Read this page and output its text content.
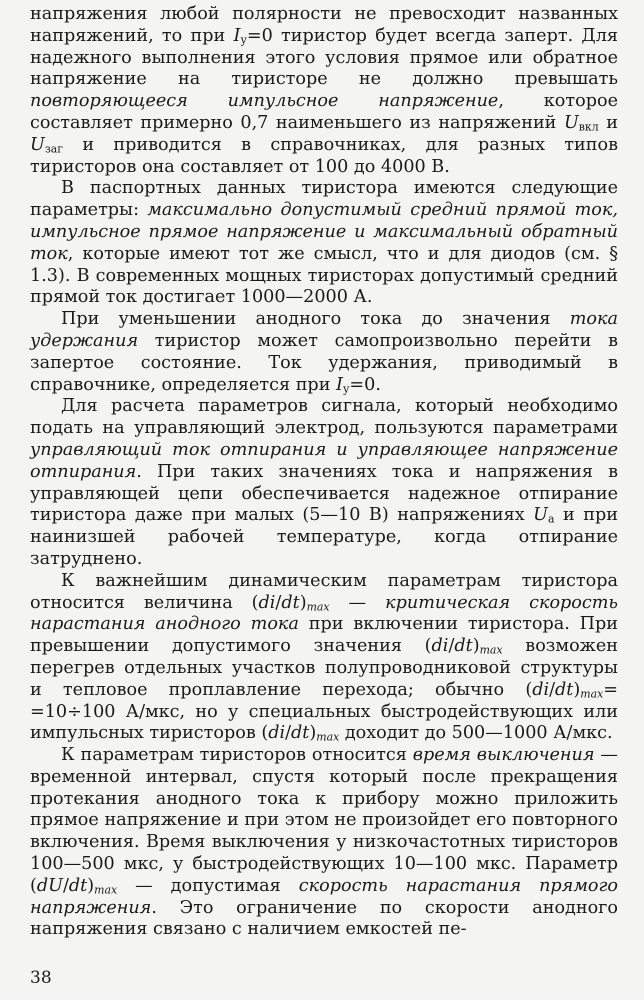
напряжения любой полярности не превосходит названных напряжений, то при $I_у=0$ тиристор будет всегда заперт. Для надежного выполнения этого условия прямое или обратное напряжение на тиристоре не должно превышать повторяющееся импульсное напряжение, которое составляет примерно 0,7 наименьшего из напряжений $U_{вкл}$ и $U_{заг}$ и приводится в справочниках, для разных типов тиристоров она составляет от 100 до 4000 В.

В паспортных данных тиристора имеются следующие параметры: максимально допустимый средний прямой ток, импульсное прямое напряжение и максимальный обратный ток, которые имеют тот же смысл, что и для диодов (см. § 1.3). В современных мощных тиристорах допустимый средний прямой ток достигает 1000—2000 А.

При уменьшении анодного тока до значения тока удержания тиристор может самопроизвольно перейти в запертое состояние. Ток удержания, приводимый в справочнике, определяется при $I_у=0$.

Для расчета параметров сигнала, который необходимо подать на управляющий электрод, пользуются параметрами управляющий ток отпирания и управляющее напряжение отпирания. При таких значениях тока и напряжения в управляющей цепи обеспечивается надежное отпирание тиристора даже при малых (5—10 В) напряжениях $U_а$ и при наинизшей рабочей температуре, когда отпирание затруднено.

К важнейшим динамическим параметрам тиристора относится величина $(di/dt)_{max}$ — критическая скорость нарастания анодного тока при включении тиристора. При превышении допустимого значения $(di/dt)_{max}$ возможен перегрев отдельных участков полупроводниковой структуры и тепловое проплавление перехода; обычно $(di/dt)_{max}= =10\div 100$ А/мкс, но у специальных быстродействующих или импульсных тиристоров $(di/dt)_{max}$ доходит до 500—1000 А/мкс.

К параметрам тиристоров относится время выключения — временной интервал, спустя который после прекращения протекания анодного тока к прибору можно приложить прямое напряжение и при этом не произойдет его повторного включения. Время выключения у низкочастотных тиристоров 100—500 мкс, у быстродействующих 10—100 мкс. Параметр $(dU/dt)_{max}$ — допустимая скорость нарастания прямого напряжения. Это ограничение по скорости анодного напряжения связано с наличием емкостей пе-

38
